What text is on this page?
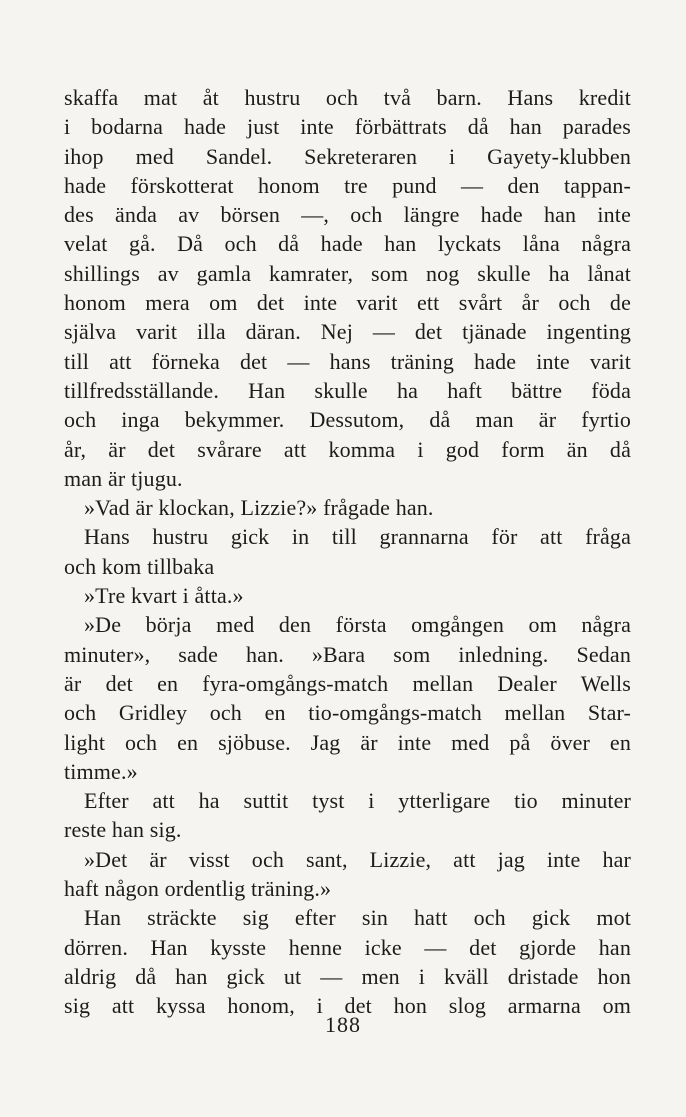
skaffa mat åt hustru och två barn. Hans kredit
i bodarna hade just inte förbättrats då han parades
ihop med Sandel. Sekreteraren i Gayety-klubben
hade förskotterat honom tre pund — den tappan-
des ända av börsen —, och längre hade han inte
velat gå. Då och då hade han lyckats låna några
shillings av gamla kamrater, som nog skulle ha lånat
honom mera om det inte varit ett svårt år och de
själva varit illa däran. Nej — det tjänade ingenting
till att förneka det — hans träning hade inte varit
tillfredsställande. Han skulle ha haft bättre föda
och inga bekymmer. Dessutom, då man är fyrtio
år, är det svårare att komma i god form än då
man är tjugu.
»Vad är klockan, Lizzie?» frågade han.
Hans hustru gick in till grannarna för att fråga
och kom tillbaka
»Tre kvart i åtta.»
»De börja med den första omgången om några
minuter», sade han. »Bara som inledning. Sedan
är det en fyra-omgångs-match mellan Dealer Wells
och Gridley och en tio-omgångs-match mellan Star-
light och en sjöbuse. Jag är inte med på över en
timme.»
Efter att ha suttit tyst i ytterligare tio minuter
reste han sig.
»Det är visst och sant, Lizzie, att jag inte har
haft någon ordentlig träning.»
Han sträckte sig efter sin hatt och gick mot
dörren. Han kysste henne icke — det gjorde han
aldrig då han gick ut — men i kväll dristade hon
sig att kyssa honom, i det hon slog armarna om
188
